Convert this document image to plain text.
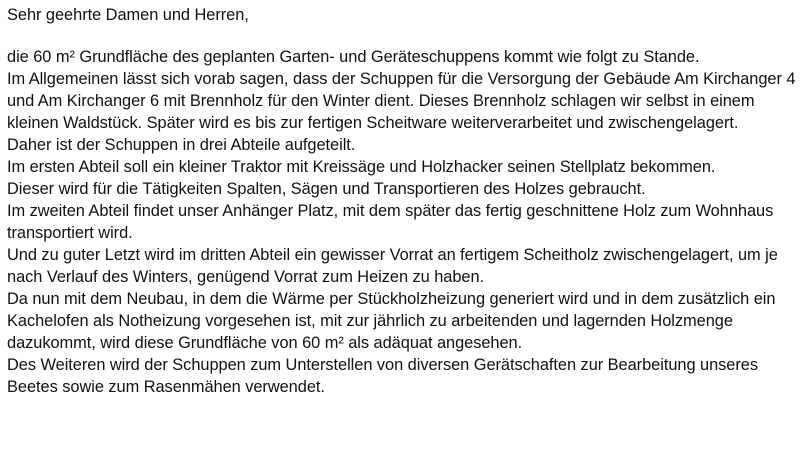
Sehr geehrte Damen und Herren,

die 60 m² Grundfläche des geplanten Garten- und Geräteschuppens kommt wie folgt zu Stande.

Im Allgemeinen lässt sich vorab sagen, dass der Schuppen für die Versorgung der Gebäude Am Kirchanger 4 und Am Kirchanger 6 mit Brennholz für den Winter dient. Dieses Brennholz schlagen wir selbst in einem kleinen Waldstück. Später wird es bis zur fertigen Scheitware weiterverarbeitet und zwischengelagert.

Daher ist der Schuppen in drei Abteile aufgeteilt.

Im ersten Abteil soll ein kleiner Traktor mit Kreissäge und Holzhacker seinen Stellplatz bekommen.

Dieser wird für die Tätigkeiten Spalten, Sägen und Transportieren des Holzes gebraucht.

Im zweiten Abteil findet unser Anhänger Platz, mit dem später das fertig geschnittene Holz zum Wohnhaus transportiert wird.

Und zu guter Letzt wird im dritten Abteil ein gewisser Vorrat an fertigem Scheitholz zwischengelagert, um je nach Verlauf des Winters, genügend Vorrat zum Heizen zu haben.

Da nun mit dem Neubau, in dem die Wärme per Stückholzheizung generiert wird und in dem zusätzlich ein Kachelofen als Notheizung vorgesehen ist, mit zur jährlich zu arbeitenden und lagernden Holzmenge dazukommt, wird diese Grundfläche von 60 m² als adäquat angesehen.

Des Weiteren wird der Schuppen zum Unterstellen von diversen Gerätschaften zur Bearbeitung unseres Beetes sowie zum Rasenmähen verwendet.
